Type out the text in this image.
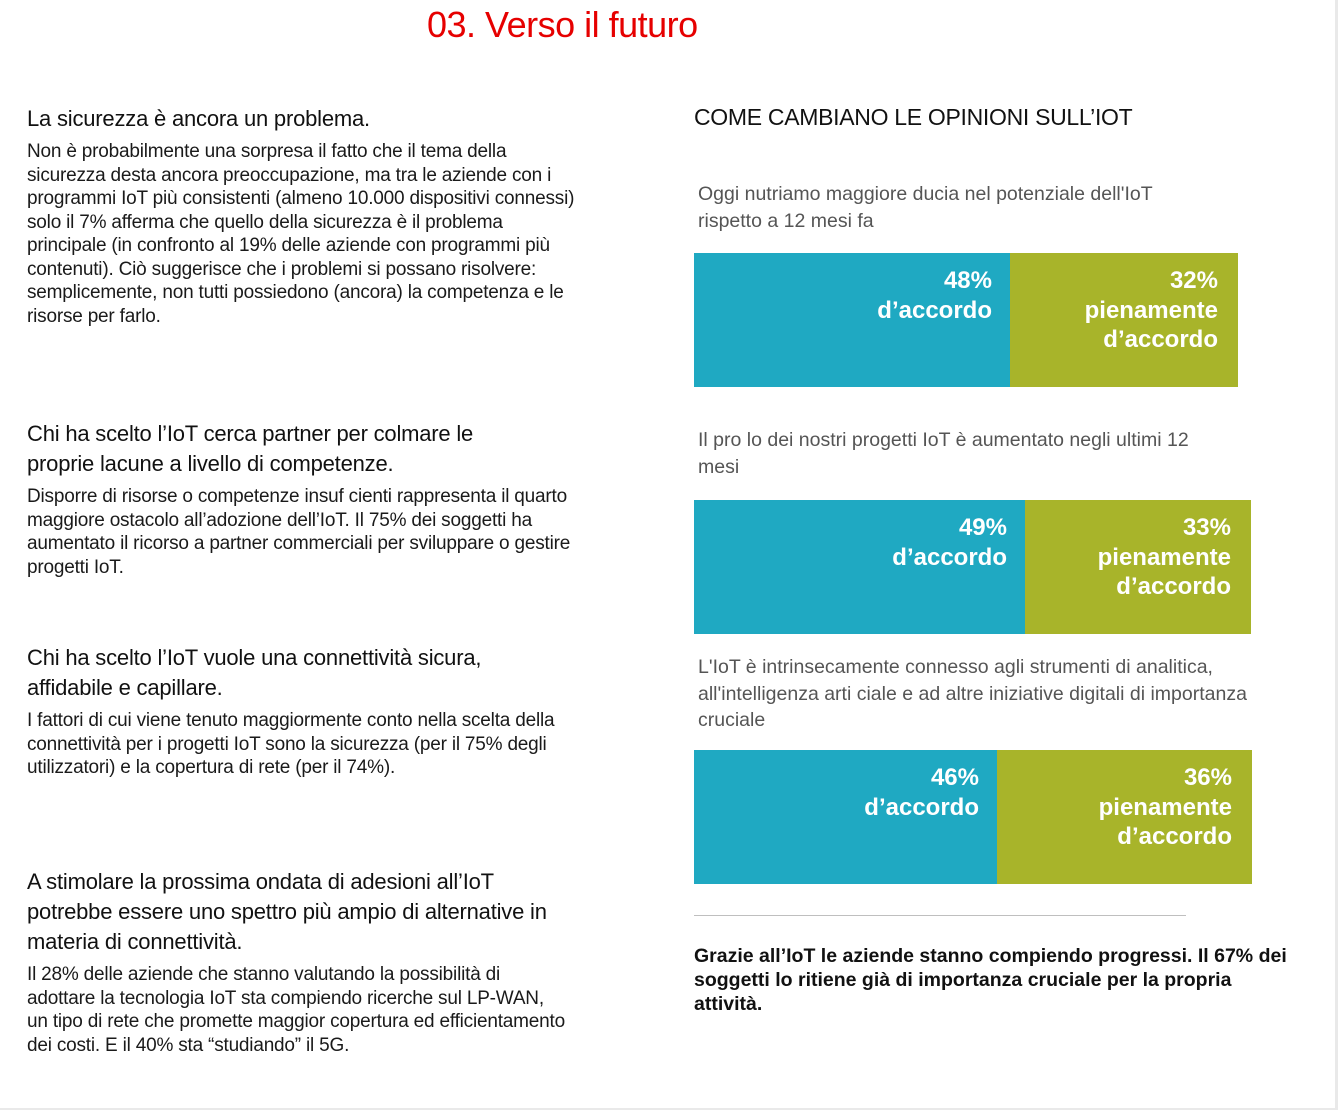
03. Verso il futuro
La sicurezza è ancora un problema.

Non è probabilmente una sorpresa il fatto che il tema della sicurezza desta ancora preoccupazione, ma tra le aziende con i programmi IoT più consistenti (almeno 10.000 dispositivi connessi) solo il 7% afferma che quello della sicurezza è il problema principale (in confronto al 19% delle aziende con programmi più contenuti). Ciò suggerisce che i problemi si possano risolvere: semplicemente, non tutti possiedono (ancora) la competenza e le risorse per farlo.

Chi ha scelto l’IoT cerca partner per colmare le proprie lacune a livello di competenze.

Disporre di risorse o competenze insuf cienti rappresenta il quarto maggiore ostacolo all’adozione dell’IoT. Il 75% dei soggetti ha aumentato il ricorso a partner commerciali per sviluppare o gestire progetti IoT.

Chi ha scelto l’IoT vuole una connettività sicura, affidabile e capillare.

I fattori di cui viene tenuto maggiormente conto nella scelta della connettività per i progetti IoT sono la sicurezza (per il 75% degli utilizzatori) e la copertura di rete (per il 74%).

A stimolare la prossima ondata di adesioni all’IoT potrebbe essere uno spettro più ampio di alternative in materia di connettività.

Il 28% delle aziende che stanno valutando la possibilità di adottare la tecnologia IoT sta compiendo ricerche sul LP-WAN, un tipo di rete che promette maggior copertura ed efficientamento dei costi. E il 40% sta “studiando” il 5G.

COME CAMBIANO LE OPINIONI SULL’IOT
Oggi nutriamo maggiore ducia nel potenziale dell'IoT rispetto a 12 mesi fa
48%
d’accordo
32%
pienamente d’accordo
Il pro lo dei nostri progetti IoT è aumentato negli ultimi 12 mesi
49%
d’accordo
33%
pienamente d’accordo
L'IoT è intrinsecamente connesso agli strumenti di analitica, all'intelligenza arti ciale e ad altre iniziative digitali di importanza cruciale
46%
d’accordo
36%
pienamente d’accordo
Grazie all’IoT le aziende stanno compiendo progressi. Il 67% dei soggetti lo ritiene già di importanza cruciale per la propria attività.
